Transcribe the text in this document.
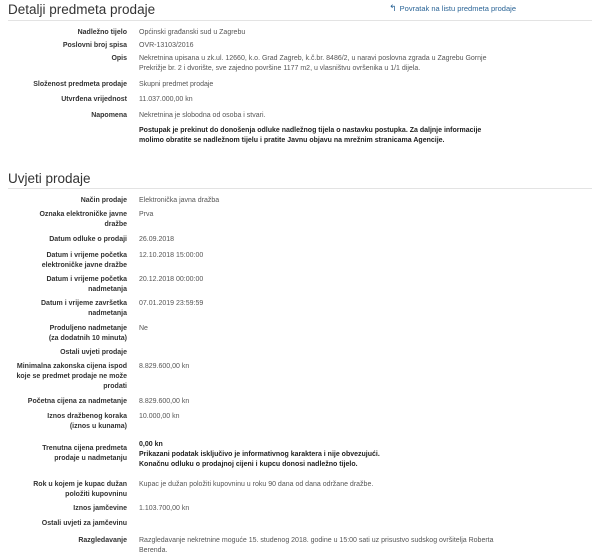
Detalji predmeta prodaje	↰ Povratak na listu predmeta prodaje
Nadležno tijelo Općinski građanski sud u Zagrebu
Poslovni broj spisa OVR-13103/2016
Opis Nekretnina upisana u zk.ul. 12660, k.o. Grad Zagreb, k.č.br. 8486/2, u naravi poslovna zgrada u Zagrebu Gornje
Prekrižje br. 2 i dvorište, sve zajedno površine 1177 m2, u vlasništvu ovršenika u 1/1 dijela.
Složenost predmeta prodaje Skupni predmet prodaje
Utvrđena vrijednost 11.037.000,00 kn
Napomena Nekretnina je slobodna od osoba i stvari.
Postupak je prekinut do donošenja odluke nadležnog tijela o nastavku postupka. Za daljnje informacije
molimo obratite se nadležnom tijelu i pratite Javnu objavu na mrežnim stranicama Agencije.
Uvjeti prodaje
Način prodaje Elektronička javna dražba
Oznaka elektroničke javne
dražbe
Prva
Datum odluke o prodaji 26.09.2018
Datum i vrijeme početka
elektroničke javne dražbe
12.10.2018 15:00:00
Datum i vrijeme početka
nadmetanja
20.12.2018 00:00:00
Datum i vrijeme završetka
nadmetanja
07.01.2019 23:59:59
Produljeno nadmetanje
(za dodatnih 10 minuta)
Ne
Ostali uvjeti prodaje
Minimalna zakonska cijena ispod
koje se predmet prodaje ne može
prodati
8.829.600,00 kn
Početna cijena za nadmetanje 8.829.600,00 kn
Iznos dražbenog koraka
(iznos u kunama)
10.000,00 kn
Trenutna cijena predmeta
prodaje u nadmetanju
0,00 kn
Prikazani podatak isključivo je informativnog karaktera i nije obvezujući.
Konačnu odluku o prodajnoj cijeni i kupcu donosi nadležno tijelo.
Rok u kojem je kupac dužan
položiti kupovninu
Kupac je dužan položiti kupovninu u roku 90 dana od dana održane dražbe.
Iznos jamčevine 1.103.700,00 kn
Ostali uvjeti za jamčevinu
Razgledavanje Razgledavanje nekretnine moguće 15. studenog 2018. godine u 15:00 sati uz prisustvo sudskog ovršitelja Roberta
Berenda.
